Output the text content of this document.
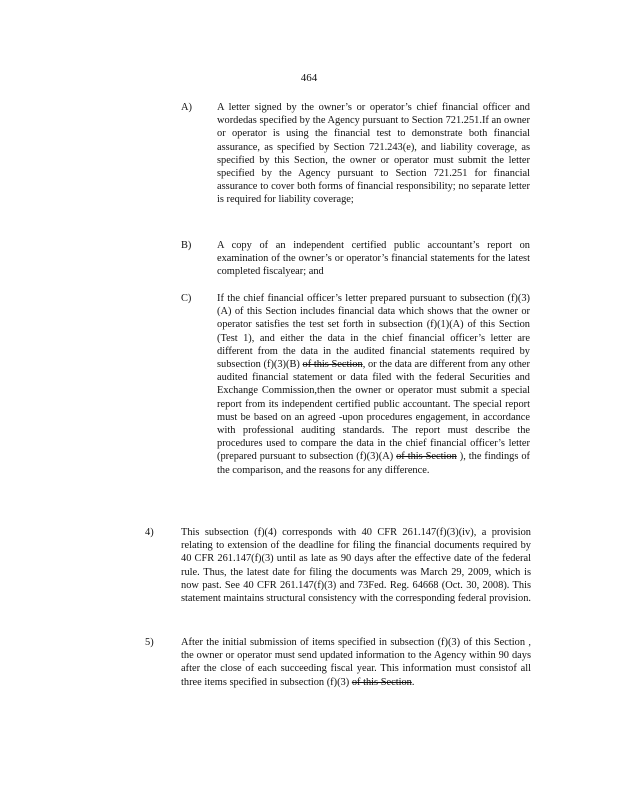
464
A) A letter signed by the owner’s or operator’s chief financial officer and wordedas specified by the Agency pursuant to Section 721.251.If an owner or operator is using the financial test to demonstrate both financial assurance, as specified by Section 721.243(e), and liability coverage, as specified by this Section, the owner or operator must submit the letter specified by the Agency pursuant to Section 721.251 for financial assurance to cover both forms of financial responsibility; no separate letter is required for liability coverage;
B) A copy of an independent certified public accountant’s report on examination of the owner’s or operator’s financial statements for the latest completed fiscalyear; and
C) If the chief financial officer’s letter prepared pursuant to subsection (f)(3)(A) of this Section includes financial data which shows that the owner or operator satisfies the test set forth in subsection (f)(1)(A) of this Section (Test 1), and either the data in the chief financial officer’s letter are different from the data in the audited financial statements required by subsection (f)(3)(B) of this Section, or the data are different from any other audited financial statement or data filed with the federal Securities and Exchange Commission,then the owner or operator must submit a special report from its independent certified public accountant. The special report must be based on an agreed -upon procedures engagement, in accordance with professional auditing standards. The report must describe the procedures used to compare the data in the chief financial officer’s letter (prepared pursuant to subsection (f)(3)(A) of this Section ), the findings of the comparison, and the reasons for any difference.
4)	This subsection (f)(4) corresponds with 40 CFR 261.147(f)(3)(iv), a provision relating to extension of the deadline for filing the financial documents required by 40 CFR 261.147(f)(3) until as late as 90 days after the effective date of the federal rule. Thus, the latest date for filing the documents was March 29, 2009, which is now past. See 40 CFR 261.147(f)(3) and 73Fed. Reg. 64668 (Oct. 30, 2008). This statement maintains structural consistency with the corresponding federal provision.
5)	After the initial submission of items specified in subsection (f)(3) of this Section , the owner or operator must send updated information to the Agency within 90 days after the close of each succeeding fiscal year. This information must consistof all three items specified in subsection (f)(3) of this Section.
